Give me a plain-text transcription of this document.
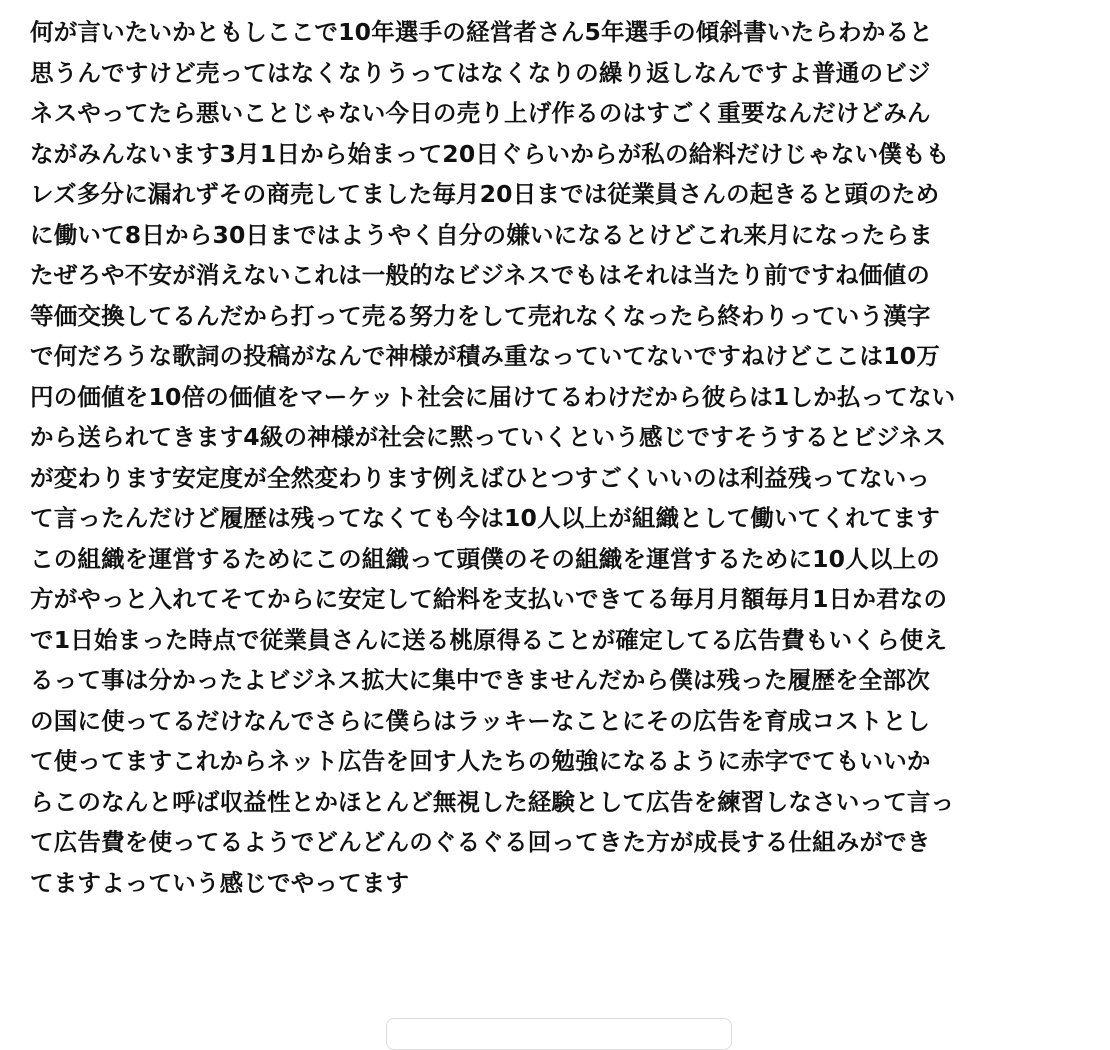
何が言いたいかともしここで10年選手の経営者さん5年選手の傾斜書いたらわかると
思うんですけど売ってはなくなりうってはなくなりの繰り返しなんですよ普通のビジ
ネスやってたら悪いことじゃない今日の売り上げ作るのはすごく重要なんだけどみん
ながみんないます3月1日から始まって20日ぐらいからが私の給料だけじゃない僕もも
レズ多分に漏れずその商売してました毎月20日までは従業員さんの起きると頭のため
に働いて8日から30日まではようやく自分の嫌いになるとけどこれ来月になったらま
たぜろや不安が消えないこれは一般的なビジネスでもはそれは当たり前ですね価値の
等価交換してるんだから打って売る努力をして売れなくなったら終わりっていう漢字
で何だろうな歌詞の投稿がなんで神様が積み重なっていてないですねけどここは10万
円の価値を10倍の価値をマーケット社会に届けてるわけだから彼らは1しか払ってない
から送られてきます4級の神様が社会に黙っていくという感じですそうするとビジネス
が変わります安定度が全然変わります例えばひとつすごくいいのは利益残ってないっ
て言ったんだけど履歴は残ってなくても今は10人以上が組織として働いてくれてます
この組織を運営するためにこの組織って頭僕のその組織を運営するために10人以上の
方がやっと入れてそてからに安定して給料を支払いできてる毎月月額毎月1日か君なの
で1日始まった時点で従業員さんに送る桃原得ることが確定してる広告費もいくら使え
るって事は分かったよビジネス拡大に集中できませんだから僕は残った履歴を全部次
の国に使ってるだけなんでさらに僕らはラッキーなことにその広告を育成コストとし
て使ってますこれからネット広告を回す人たちの勉強になるように赤字でてもいいか
らこのなんと呼ば収益性とかほとんど無視した経験として広告を練習しなさいって言っ
て広告費を使ってるようでどんどんのぐるぐる回ってきた方が成長する仕組みができ
てますよっていう感じでやってます
